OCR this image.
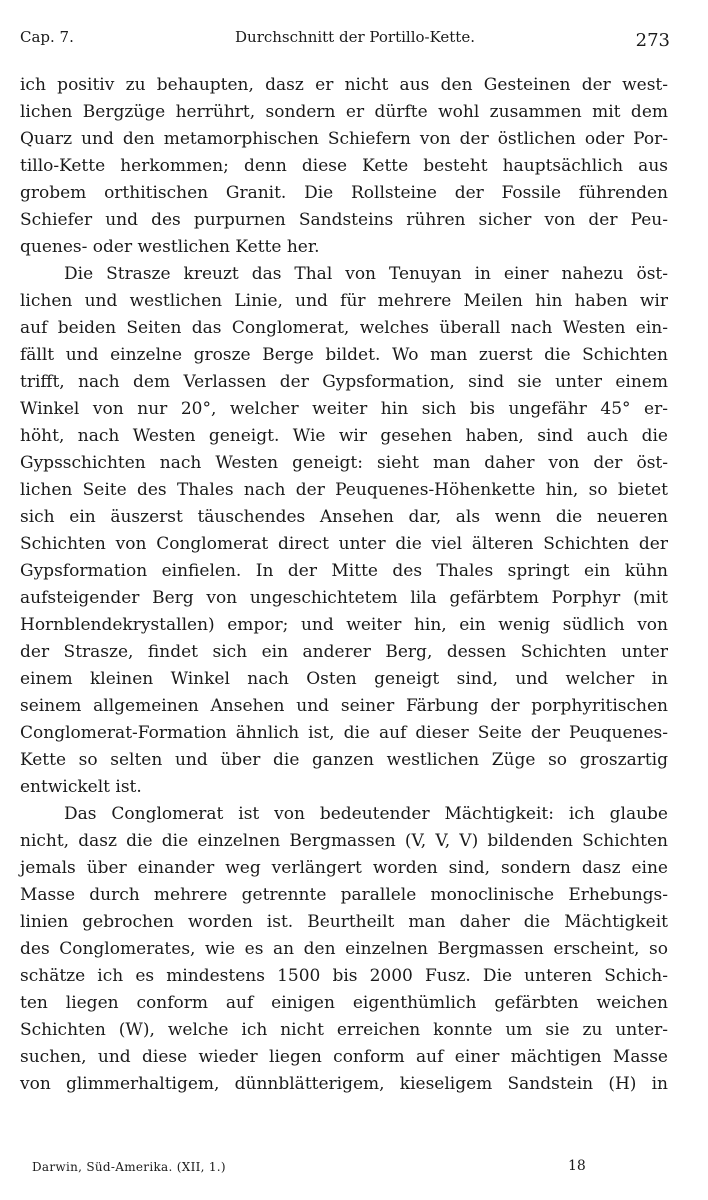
Cap. 7.	Durchschnitt der Portillo-Kette.	273
ich positiv zu behaupten, dasz er nicht aus den Gesteinen der west-
lichen Bergzüge herrührt, sondern er dürfte wohl zusammen mit dem
Quarz und den metamorphischen Schiefern von der östlichen oder Por-
tillo-Kette herkommen; denn diese Kette besteht hauptsächlich aus
grobem orthitischen Granit. Die Rollsteine der Fossile führenden
Schiefer und des purpurnen Sandsteins rühren sicher von der Peu-
quenes- oder westlichen Kette her.
Die Strasze kreuzt das Thal von Tenuyan in einer nahezu öst-
lichen und westlichen Linie, und für mehrere Meilen hin haben wir
auf beiden Seiten das Conglomerat, welches überall nach Westen ein-
fällt und einzelne grosze Berge bildet. Wo man zuerst die Schichten
trifft, nach dem Verlassen der Gypsformation, sind sie unter einem
Winkel von nur 20°, welcher weiter hin sich bis ungefähr 45° er-
höht, nach Westen geneigt. Wie wir gesehen haben, sind auch die
Gypsschichten nach Westen geneigt: sieht man daher von der öst-
lichen Seite des Thales nach der Peuquenes-Höhenkette hin, so bietet
sich ein äuszerst täuschendes Ansehen dar, als wenn die neueren
Schichten von Conglomerat direct unter die viel älteren Schichten der
Gypsformation einfielen. In der Mitte des Thales springt ein kühn
aufsteigender Berg von ungeschichtetem lila gefärbtem Porphyr (mit
Hornblendekrystallen) empor; und weiter hin, ein wenig südlich von
der Strasze, findet sich ein anderer Berg, dessen Schichten unter
einem kleinen Winkel nach Osten geneigt sind, und welcher in
seinem allgemeinen Ansehen und seiner Färbung der porphyritischen
Conglomerat-Formation ähnlich ist, die auf dieser Seite der Peuquenes-
Kette so selten und über die ganzen westlichen Züge so groszartig
entwickelt ist.
Das Conglomerat ist von bedeutender Mächtigkeit: ich glaube
nicht, dasz die die einzelnen Bergmassen (V, V, V) bildenden Schichten
jemals über einander weg verlängert worden sind, sondern dasz eine
Masse durch mehrere getrennte parallele monoclinische Erhebungs-
linien gebrochen worden ist. Beurtheilt man daher die Mächtigkeit
des Conglomerates, wie es an den einzelnen Bergmassen erscheint, so
schätze ich es mindestens 1500 bis 2000 Fusz. Die unteren Schich-
ten liegen conform auf einigen eigenthümlich gefärbten weichen
Schichten (W), welche ich nicht erreichen konnte um sie zu unter-
suchen, und diese wieder liegen conform auf einer mächtigen Masse
von glimmerhaltigem, dünnblätterigem, kieseligem Sandstein (H) in
Darwin, Süd-Amerika. (XII, 1.)	18
